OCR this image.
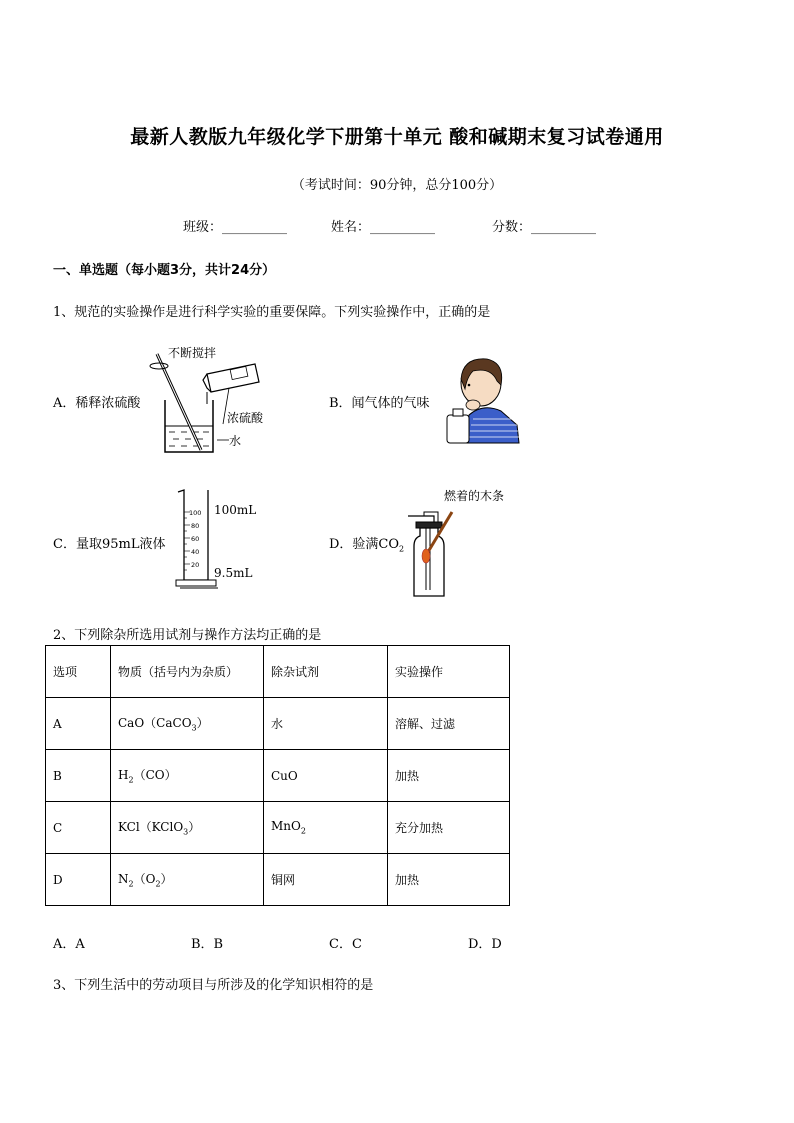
最新人教版九年级化学下册第十单元 酸和碱期末复习试卷通用
（考试时间：90分钟，总分100分）
班级：__________	姓名：__________	分数：__________
一、单选题（每小题3分，共计24分）
1、规范的实验操作是进行科学实验的重要保障。下列实验操作中，正确的是
A．稀释浓硫酸	B．闻气体的气味
C．量取95mL液体	D．验满$CO_2$
不断搅拌
浓硫酸
水
100
80
60
40
20
100mL
9.5mL
燃着的木条
2、下列除杂所选用试剂与操作方法均正确的是
选项	物质（括号内为杂质）	除杂试剂	实验操作
A	CaO（CaCO$_3$）	水	溶解、过滤
B	$H_2(CO)$	CuO	加热
C	KCl（KClO$_3$）	MnO$_2$	充分加热
D	$N_2(O_2)$	铜网	加热
A．A	B．B	C．C	D．D
3、下列生活中的劳动项目与所涉及的化学知识相符的是
